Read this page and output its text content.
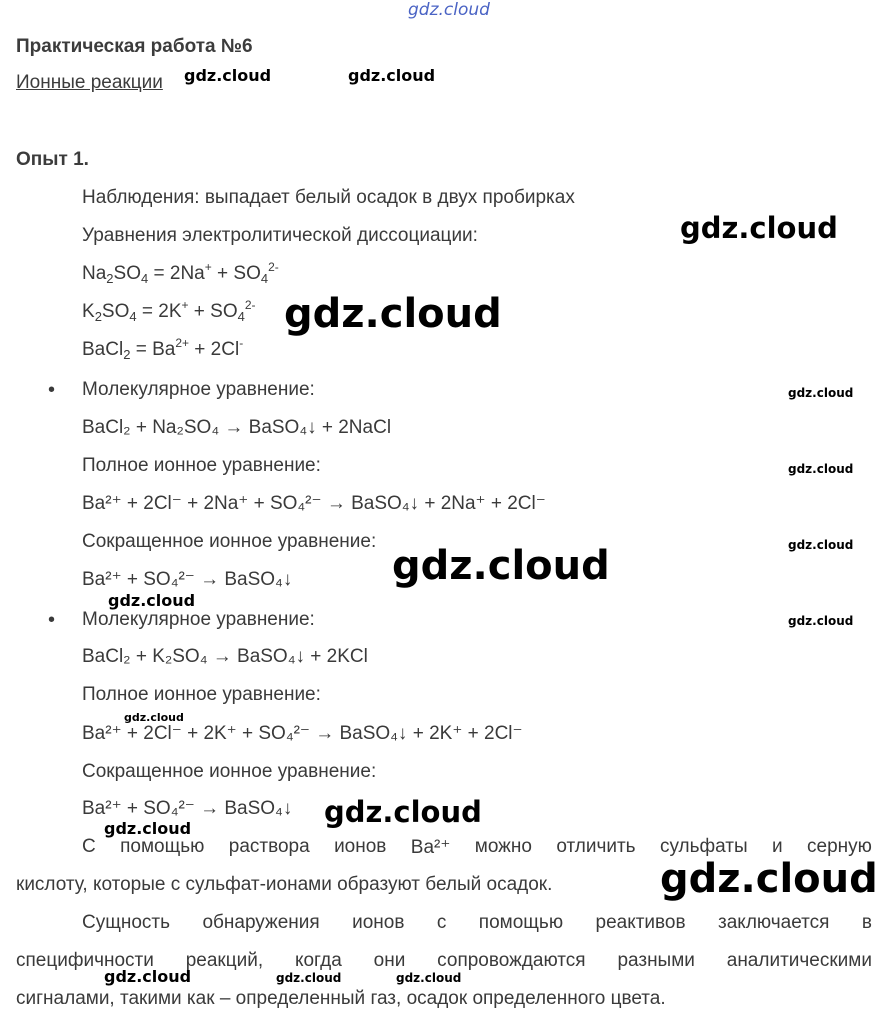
Практическая работа №6
Ионные реакции
Опыт 1.
Наблюдения: выпадает белый осадок в двух пробирках
Уравнения электролитической диссоциации:
$Na_2SO_4 = 2Na^+ + SO_4^{2-}$
$K_2SO_4 = 2K^+ + SO_4^{2-}$
BaCl$_2$ = $Ba^{2+} + 2Cl^-$
• Молекулярное уравнение:
BaCl₂ + Na₂SO₄ → BaSO₄↓ + 2NaCl
Полное ионное уравнение:
Ba²⁺ + 2Cl⁻ + 2Na⁺ + SO₄²⁻ → BaSO₄↓ + 2Na⁺ + 2Cl⁻
Сокращенное ионное уравнение:
Ba²⁺ + SO₄²⁻ → BaSO₄↓
• Молекулярное уравнение:
BaCl₂ + K₂SO₄ → BaSO₄↓ + 2KCl
Полное ионное уравнение:
Ba²⁺ + 2Cl⁻ + 2K⁺ + SO₄²⁻ → BaSO₄↓ + 2K⁺ + 2Cl⁻
Сокращенное ионное уравнение:
Ba²⁺ + SO₄²⁻ → BaSO₄↓
С помощью раствора ионов Ba²⁺ можно отличить сульфаты и серную
кислоту, которые с сульфат-ионами образуют белый осадок.
Сущность обнаружения ионов с помощью реактивов заключается в
специфичности реакций, когда они сопровождаются разными аналитическими
сигналами, такими как – определенный газ, осадок определенного цвета.
gdz.cloud
gdz.cloud	gdz.cloud
gdz.cloud
gdz.cloud
gdz.cloud
gdz.cloud
gdz.cloud
gdz.cloud
gdz.cloud
gdz.cloud
gdz.cloud
gdz.cloud
gdz.cloud
gdz.cloud
gdz.cloud	gdz.cloud	gdz.cloud
